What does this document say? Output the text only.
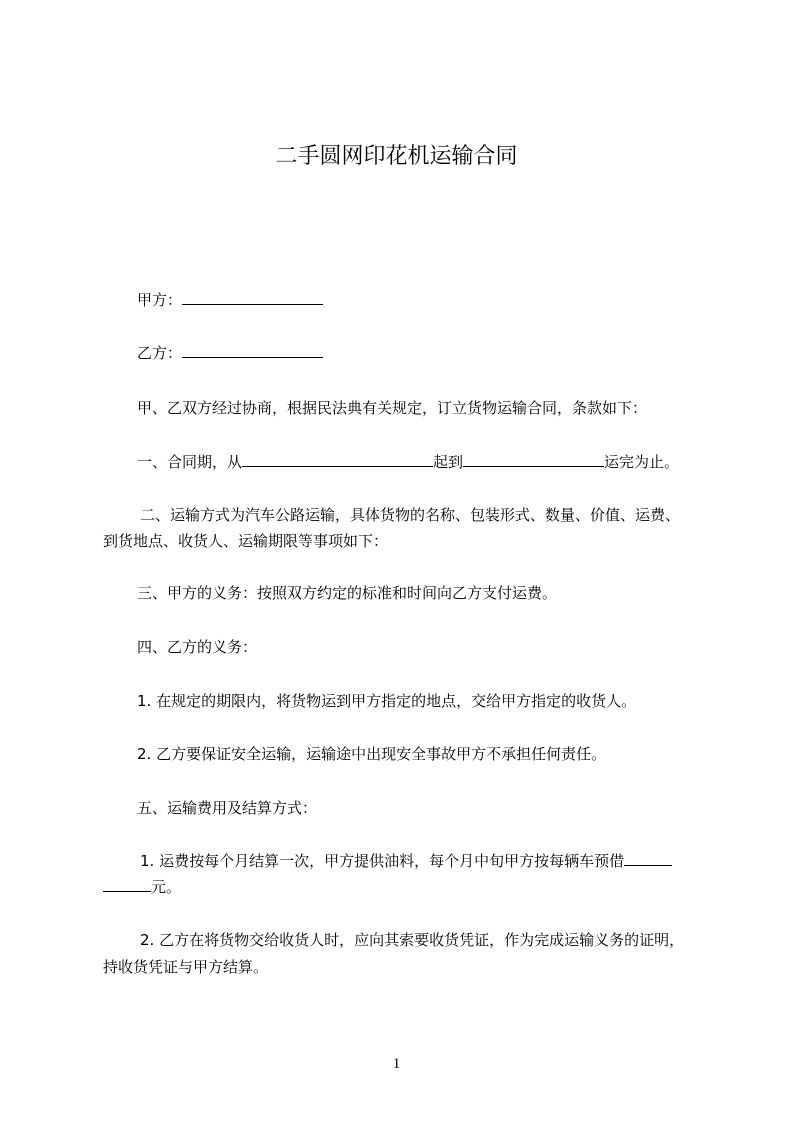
二手圆网印花机运输合同
甲方：
乙方：
甲、乙双方经过协商，根据民法典有关规定，订立货物运输合同，条款如下：
一、合同期，从	起到	运完为止。
二、运输方式为汽车公路运输，具体货物的名称、包装形式、数量、价值、运费、
到货地点、收货人、运输期限等事项如下：
三、甲方的义务：按照双方约定的标准和时间向乙方支付运费。
四、乙方的义务：
1. 在规定的期限内，将货物运到甲方指定的地点，交给甲方指定的收货人。
2. 乙方要保证安全运输，运输途中出现安全事故甲方不承担任何责任。
五、运输费用及结算方式：
1. 运费按每个月结算一次，甲方提供油料，每个月中旬甲方按每辆车预借
元。
2. 乙方在将货物交给收货人时，应向其索要收货凭证，作为完成运输义务的证明，
持收货凭证与甲方结算。
1
